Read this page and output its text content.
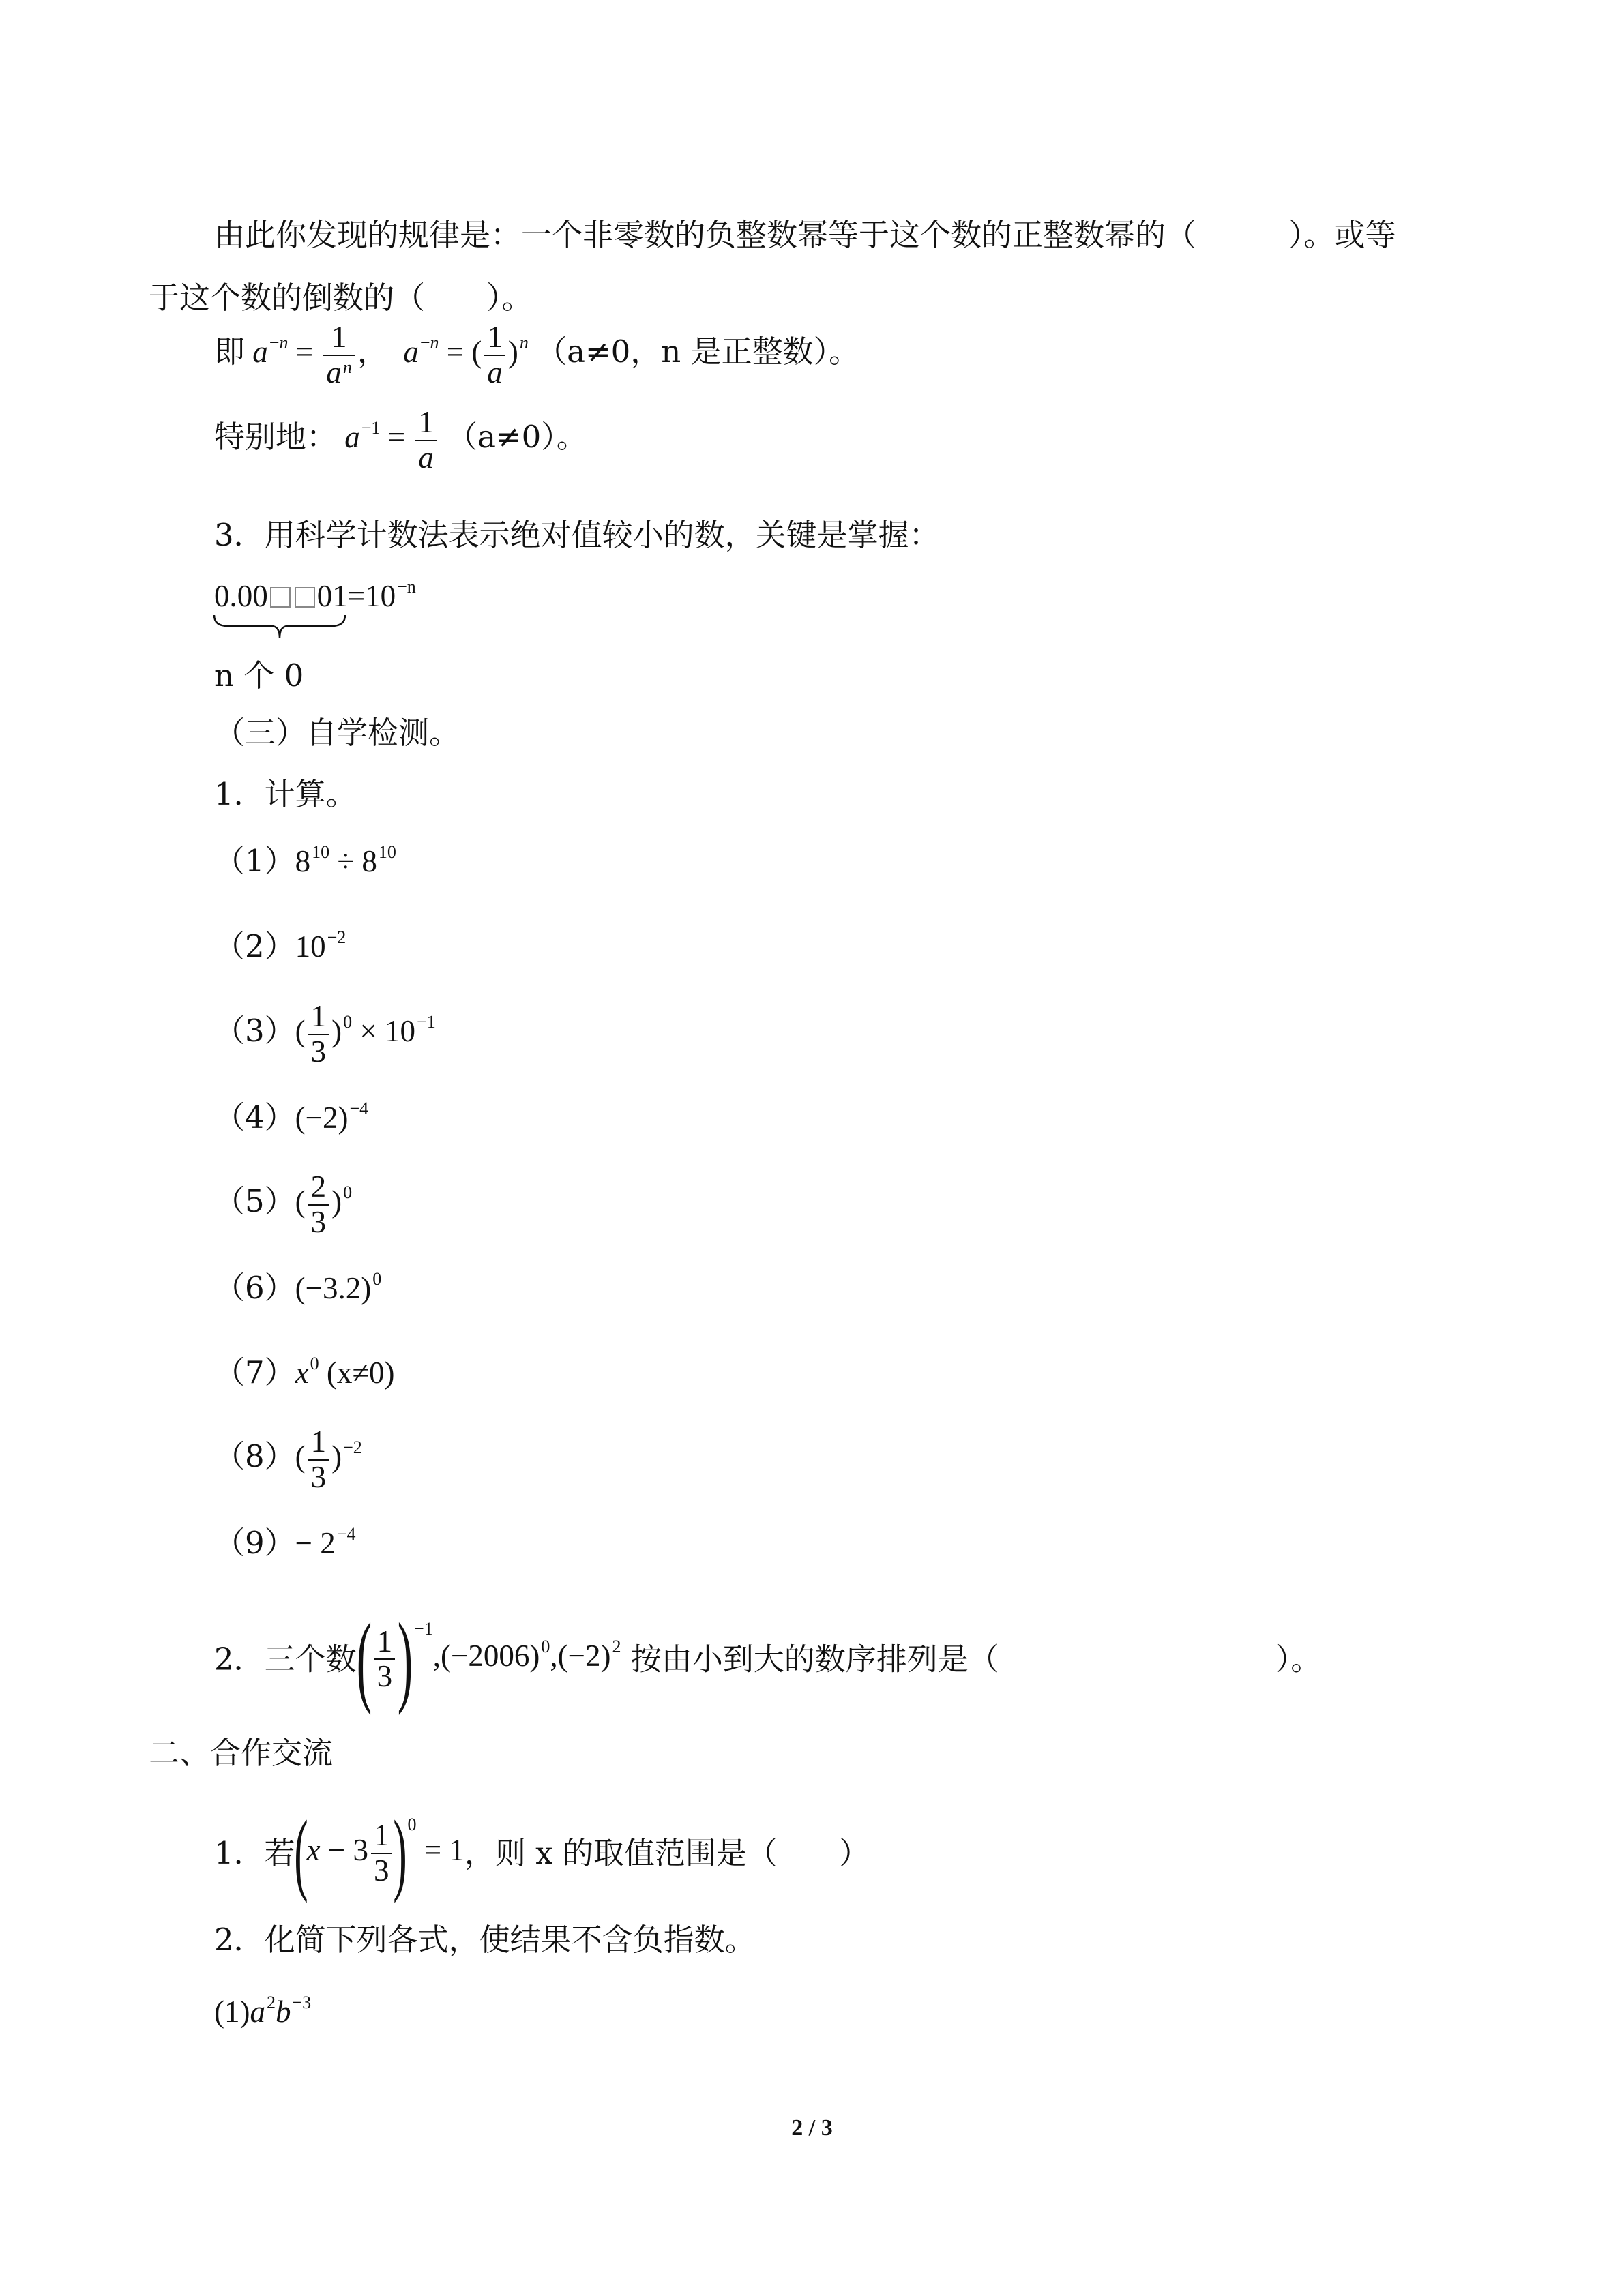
由此你发现的规律是：一个非零数的负整数幂等于这个数的正整数幂的（　　　）。或等
于这个数的倒数的（　　）。
即 $a^{-n} = \frac{1}{a^n}$ ， $a^{-n}$ = ( $\frac{1}{a} )^n$ （a≠0，n 是正整数）。
特别地： $a^{-1} = \frac{1}{a} (a\ne 0)$。
3．用科学计数法表示绝对值较小的数，关键是掌握：
0.00 $01=10^{-n}$
n 个 0
（三）自学检测。
1．计算。
$(1)8^{10} \div 8^{10}$
$(2)10^{-2}$
$(3)( \frac{1}{3} )^0 \times 10^{-1}$
$(4)(-2)^{-4}$
$(5)( \frac{2}{3} )^0$
$(6)(-3.2)^0$
$(7)x^0$ (x≠0)
$(8)( \frac{1}{3} )^{-2}$
$(9)- 2^{-4}$
2．三个数( $\frac{1}{3} )^{-1},(-2006)^0,(-2)^2$ 按由小到大的数序排列是（　　　　　　　　　）。
二、合作交流
1．若$(x - 3 \frac{1}{3} )^0 = 1$，则 x 的取值范围是（　　）
2．化简下列各式，使结果不含负指数。
$(1)a^2b^{-3}$
2 / 3
